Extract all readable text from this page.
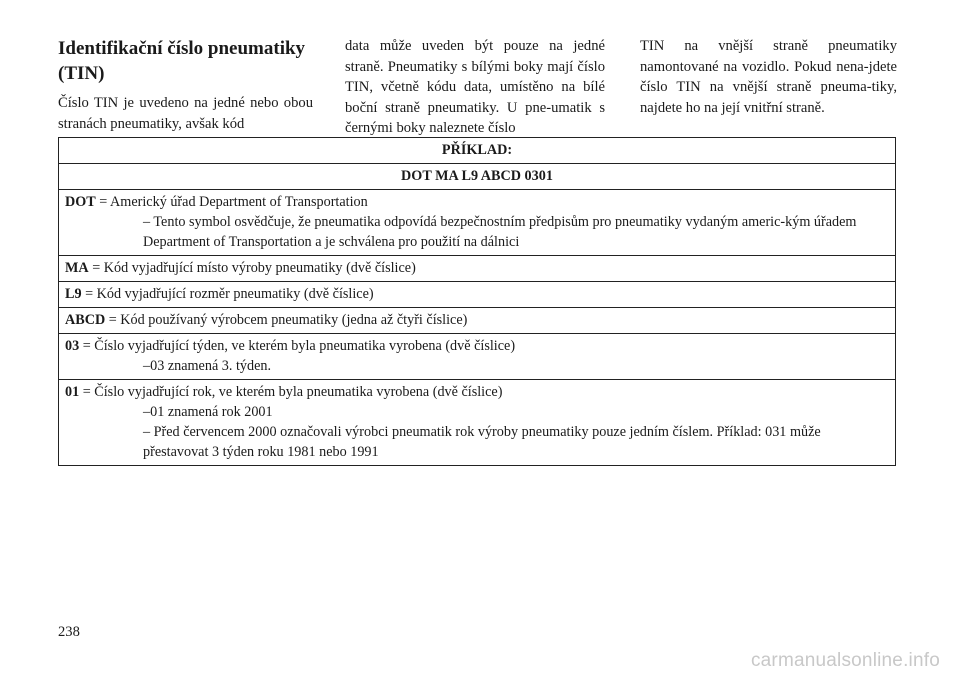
Identifikační číslo pneumatiky (TIN)

Číslo TIN je uvedeno na jedné nebo obou stranách pneumatiky, avšak kód

data může uveden být pouze na jedné straně. Pneumatiky s bílými boky mají číslo TIN, včetně kódu data, umístěno na bílé boční straně pneumatiky. U pne-umatik s černými boky naleznete číslo

TIN na vnější straně pneumatiky namontované na vozidlo. Pokud nena-jdete číslo TIN na vnější straně pneuma-tiky, najdete ho na její vnitřní straně.

PŘÍKLAD:
DOT MA L9 ABCD 0301
DOT = Americký úřad Department of Transportation
– Tento symbol osvědčuje, že pneumatika odpovídá bezpečnostním předpisům pro pneumatiky vydaným americ-kým úřadem Department of Transportation a je schválena pro použití na dálnici

MA = Kód vyjadřující místo výroby pneumatiky (dvě číslice)
L9 = Kód vyjadřující rozměr pneumatiky (dvě číslice)
ABCD = Kód používaný výrobcem pneumatiky (jedna až čtyři číslice)
03 = Číslo vyjadřující týden, ve kterém byla pneumatika vyrobena (dvě číslice)
–03 znamená 3. týden.

01 = Číslo vyjadřující rok, ve kterém byla pneumatika vyrobena (dvě číslice)
–01 znamená rok 2001
– Před červencem 2000 označovali výrobci pneumatik rok výroby pneumatiky pouze jedním číslem. Příklad: 031 může přestavovat 3 týden roku 1981 nebo 1991
238
carmanualsonline.info
